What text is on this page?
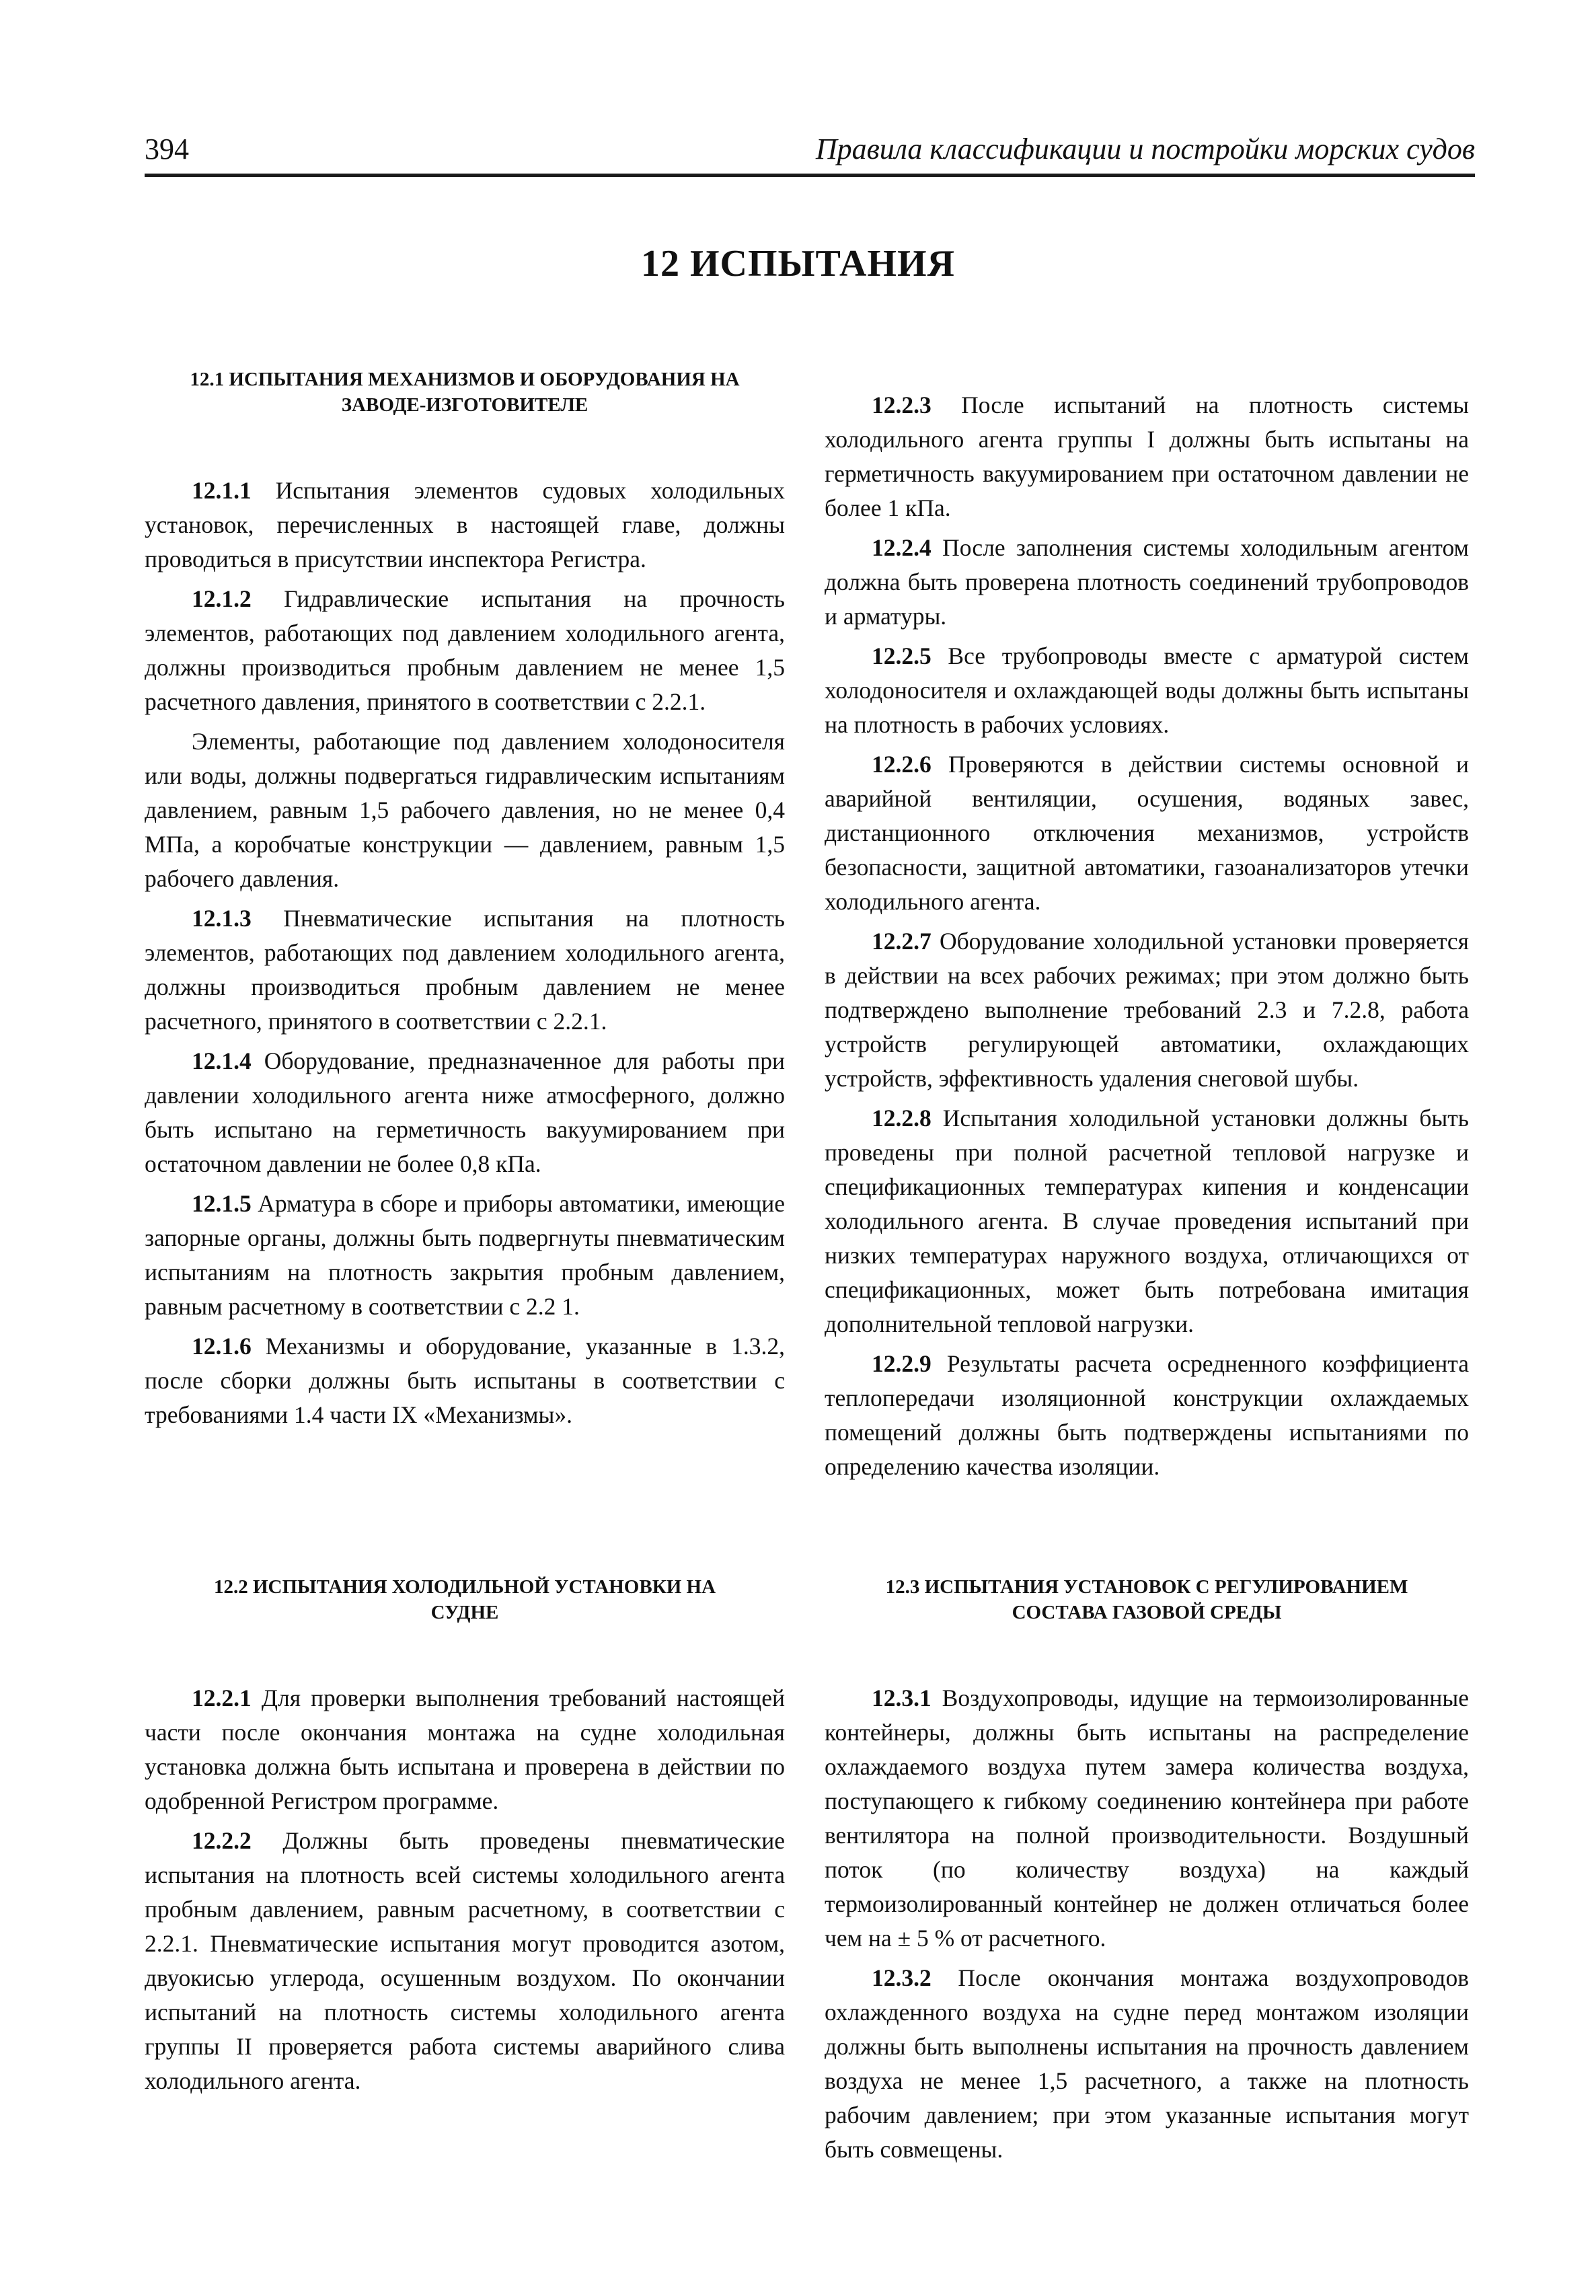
394	Правила классификации и постройки морских судов
12 ИСПЫТАНИЯ
12.1 ИСПЫТАНИЯ МЕХАНИЗМОВ И ОБОРУДОВАНИЯ НА ЗАВОДЕ-ИЗГОТОВИТЕЛЕ

12.1.1 Испытания элементов судовых холодильных установок, перечисленных в настоящей главе, должны проводиться в присутствии инспектора Регистра.

12.1.2 Гидравлические испытания на прочность элементов, работающих под давлением холодильного агента, должны производиться пробным давлением не менее 1,5 расчетного давления, принятого в соответствии с 2.2.1.

Элементы, работающие под давлением холодоносителя или воды, должны подвергаться гидравлическим испытаниям давлением, равным 1,5 рабочего давления, но не менее 0,4 МПа, а коробчатые конструкции — давлением, равным 1,5 рабочего давления.

12.1.3 Пневматические испытания на плотность элементов, работающих под давлением холодильного агента, должны производиться пробным давлением не менее расчетного, принятого в соответствии с 2.2.1.

12.1.4 Оборудование, предназначенное для работы при давлении холодильного агента ниже атмосферного, должно быть испытано на герметичность вакуумированием при остаточном давлении не более 0,8 кПа.

12.1.5 Арматура в сборе и приборы автоматики, имеющие запорные органы, должны быть подвергнуты пневматическим испытаниям на плотность закрытия пробным давлением, равным расчетному в соответствии с 2.2 1.

12.1.6 Механизмы и оборудование, указанные в 1.3.2, после сборки должны быть испытаны в соответствии с требованиями 1.4 части IX «Механизмы».

12.2.3 После испытаний на плотность системы холодильного агента группы I должны быть испытаны на герметичность вакуумированием при остаточном давлении не более 1 кПа.

12.2.4 После заполнения системы холодильным агентом должна быть проверена плотность соединений трубопроводов и арматуры.

12.2.5 Все трубопроводы вместе с арматурой систем холодоносителя и охлаждающей воды должны быть испытаны на плотность в рабочих условиях.

12.2.6 Проверяются в действии системы основной и аварийной вентиляции, осушения, водяных завес, дистанционного отключения механизмов, устройств безопасности, защитной автоматики, газоанализаторов утечки холодильного агента.

12.2.7 Оборудование холодильной установки проверяется в действии на всех рабочих режимах; при этом должно быть подтверждено выполнение требований 2.3 и 7.2.8, работа устройств регулирующей автоматики, охлаждающих устройств, эффективность удаления снеговой шубы.

12.2.8 Испытания холодильной установки должны быть проведены при полной расчетной тепловой нагрузке и спецификационных температурах кипения и конденсации холодильного агента. В случае проведения испытаний при низких температурах наружного воздуха, отличающихся от спецификационных, может быть потребована имитация дополнительной тепловой нагрузки.

12.2.9 Результаты расчета осредненного коэффициента теплопередачи изоляционной конструкции охлаждаемых помещений должны быть подтверждены испытаниями по определению качества изоляции.

12.2 ИСПЫТАНИЯ ХОЛОДИЛЬНОЙ УСТАНОВКИ НА СУДНЕ

12.2.1 Для проверки выполнения требований настоящей части после окончания монтажа на судне холодильная установка должна быть испытана и проверена в действии по одобренной Регистром программе.

12.2.2 Должны быть проведены пневматические испытания на плотность всей системы холодильного агента пробным давлением, равным расчетному, в соответствии с 2.2.1. Пневматические испытания могут проводится азотом, двуокисью углерода, осушенным воздухом. По окончании испытаний на плотность системы холодильного агента группы II проверяется работа системы аварийного слива холодильного агента.

12.3 ИСПЫТАНИЯ УСТАНОВОК С РЕГУЛИРОВАНИЕМ СОСТАВА ГАЗОВОЙ СРЕДЫ

12.3.1 Воздухопроводы, идущие на термоизолированные контейнеры, должны быть испытаны на распределение охлаждаемого воздуха путем замера количества воздуха, поступающего к гибкому соединению контейнера при работе вентилятора на полной производительности. Воздушный поток (по количеству воздуха) на каждый термоизолированный контейнер не должен отличаться более чем на ± 5 % от расчетного.

12.3.2 После окончания монтажа воздухопроводов охлажденного воздуха на судне перед монтажом изоляции должны быть выполнены испытания на прочность давлением воздуха не менее 1,5 расчетного, а также на плотность рабочим давлением; при этом указанные испытания могут быть совмещены.
